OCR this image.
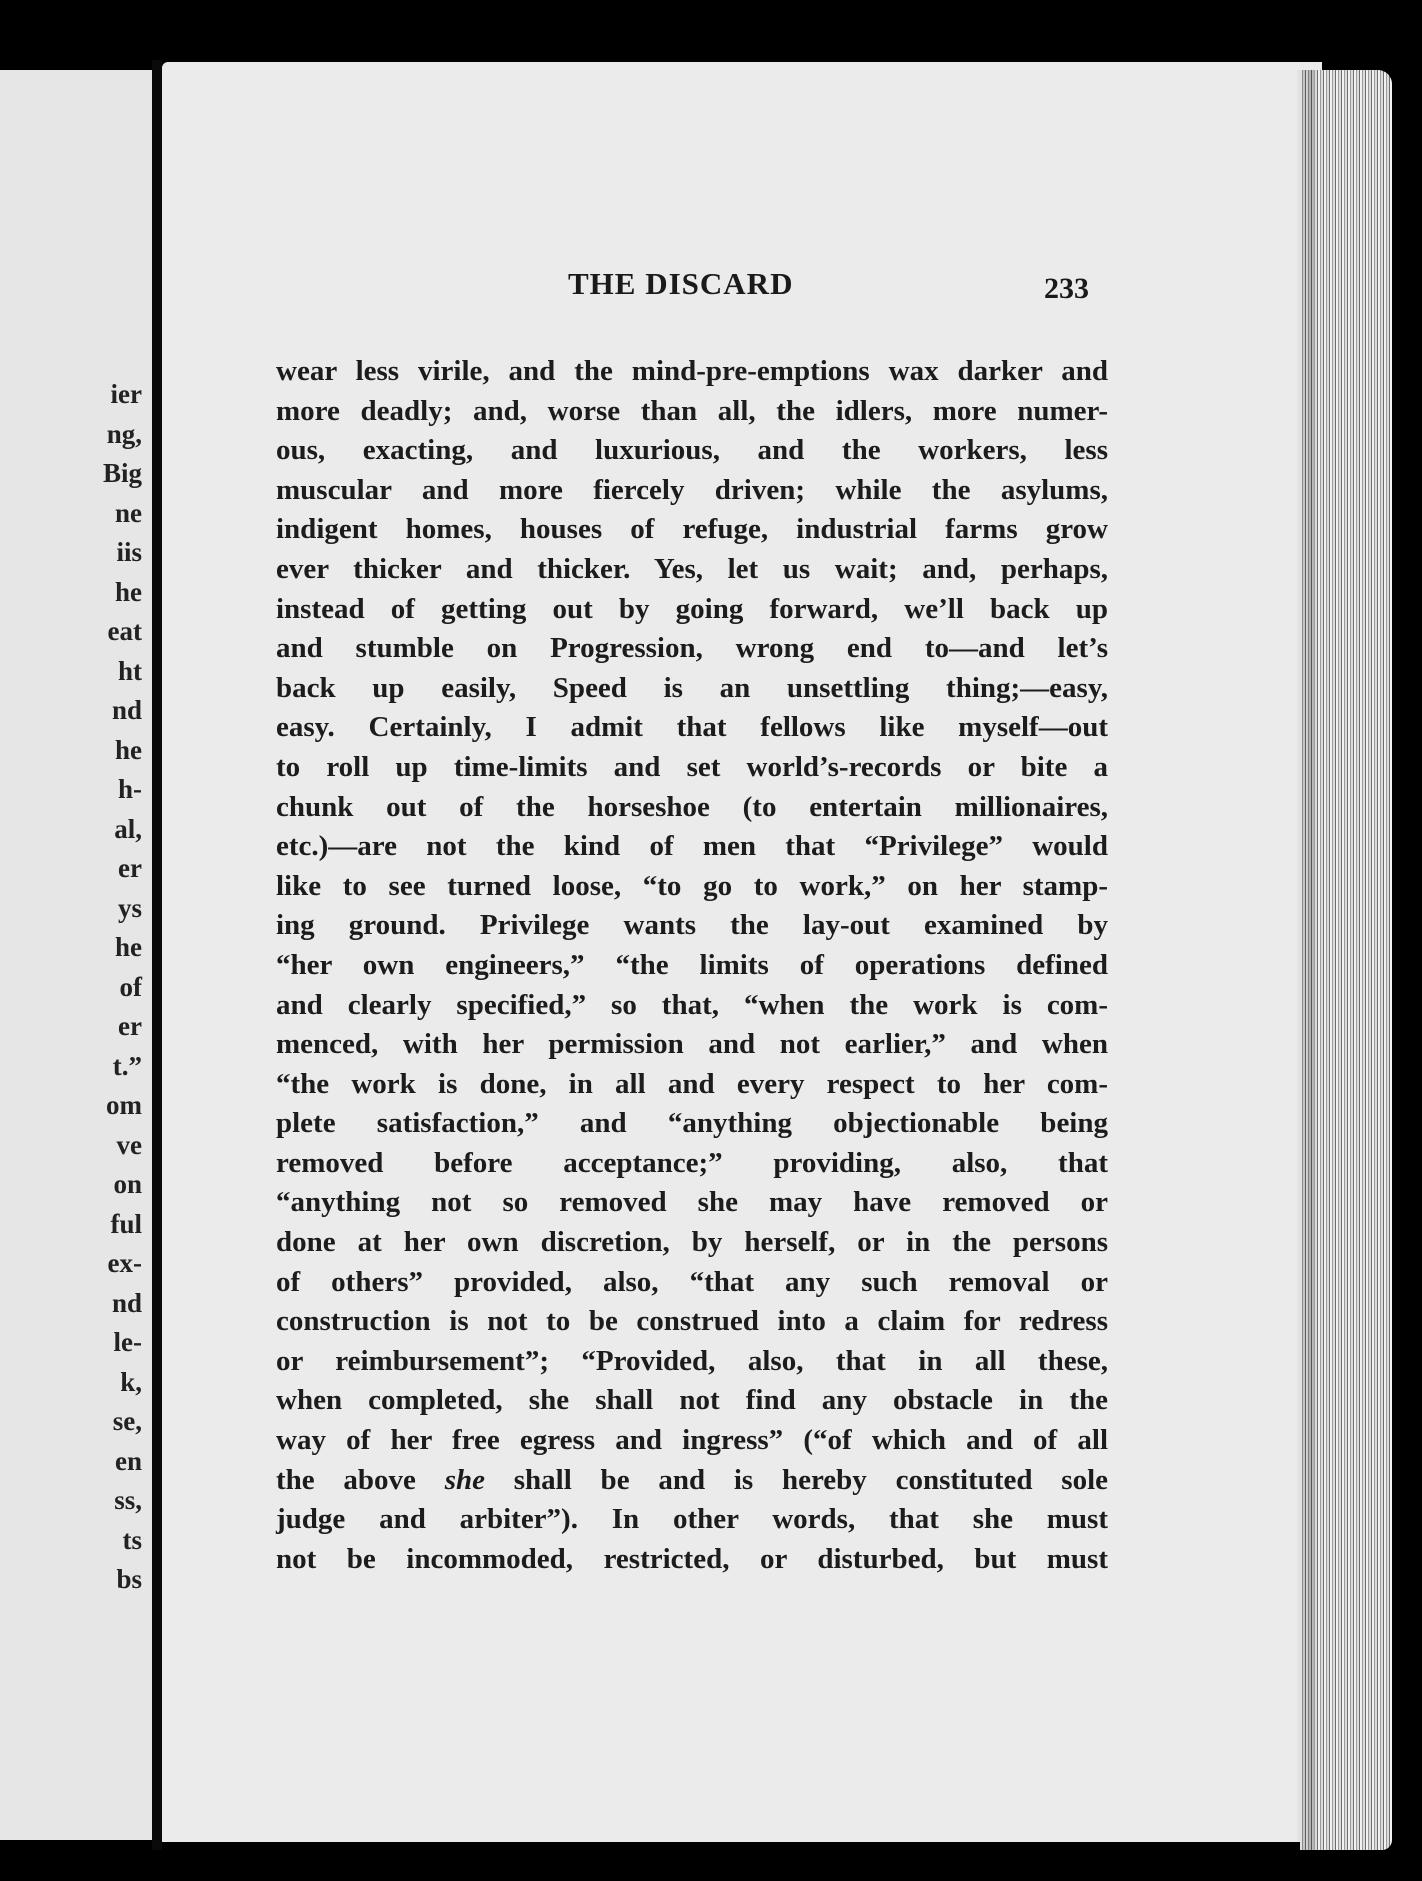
ier
ng,
Big
ne
iis
he
eat
ht
nd
he
h-
al,
er
ys
he
of
er
t.”
om
ve
on
ful
ex-
nd
le-
k,
se,
en
ss,
ts
bs
THE DISCARD	233
wear less virile, and the mind-pre-emptions wax darker and
more deadly; and, worse than all, the idlers, more numer-
ous, exacting, and luxurious, and the workers, less
muscular and more fiercely driven; while the asylums,
indigent homes, houses of refuge, industrial farms grow
ever thicker and thicker. Yes, let us wait; and, perhaps,
instead of getting out by going forward, we’ll back up
and stumble on Progression, wrong end to—and let’s
back up easily, Speed is an unsettling thing;—easy,
easy. Certainly, I admit that fellows like myself—out
to roll up time-limits and set world’s-records or bite a
chunk out of the horseshoe (to entertain millionaires,
etc.)—are not the kind of men that “Privilege” would
like to see turned loose, “to go to work,” on her stamp-
ing ground. Privilege wants the lay-out examined by
“her own engineers,” “the limits of operations defined
and clearly specified,” so that, “when the work is com-
menced, with her permission and not earlier,” and when
“the work is done, in all and every respect to her com-
plete satisfaction,” and “anything objectionable being
removed before acceptance;” providing, also, that
“anything not so removed she may have removed or
done at her own discretion, by herself, or in the persons
of others” provided, also, “that any such removal or
construction is not to be construed into a claim for redress
or reimbursement”; “Provided, also, that in all these,
when completed, she shall not find any obstacle in the
way of her free egress and ingress” (“of which and of all
the above she shall be and is hereby constituted sole
judge and arbiter”). In other words, that she must
not be incommoded, restricted, or disturbed, but must
